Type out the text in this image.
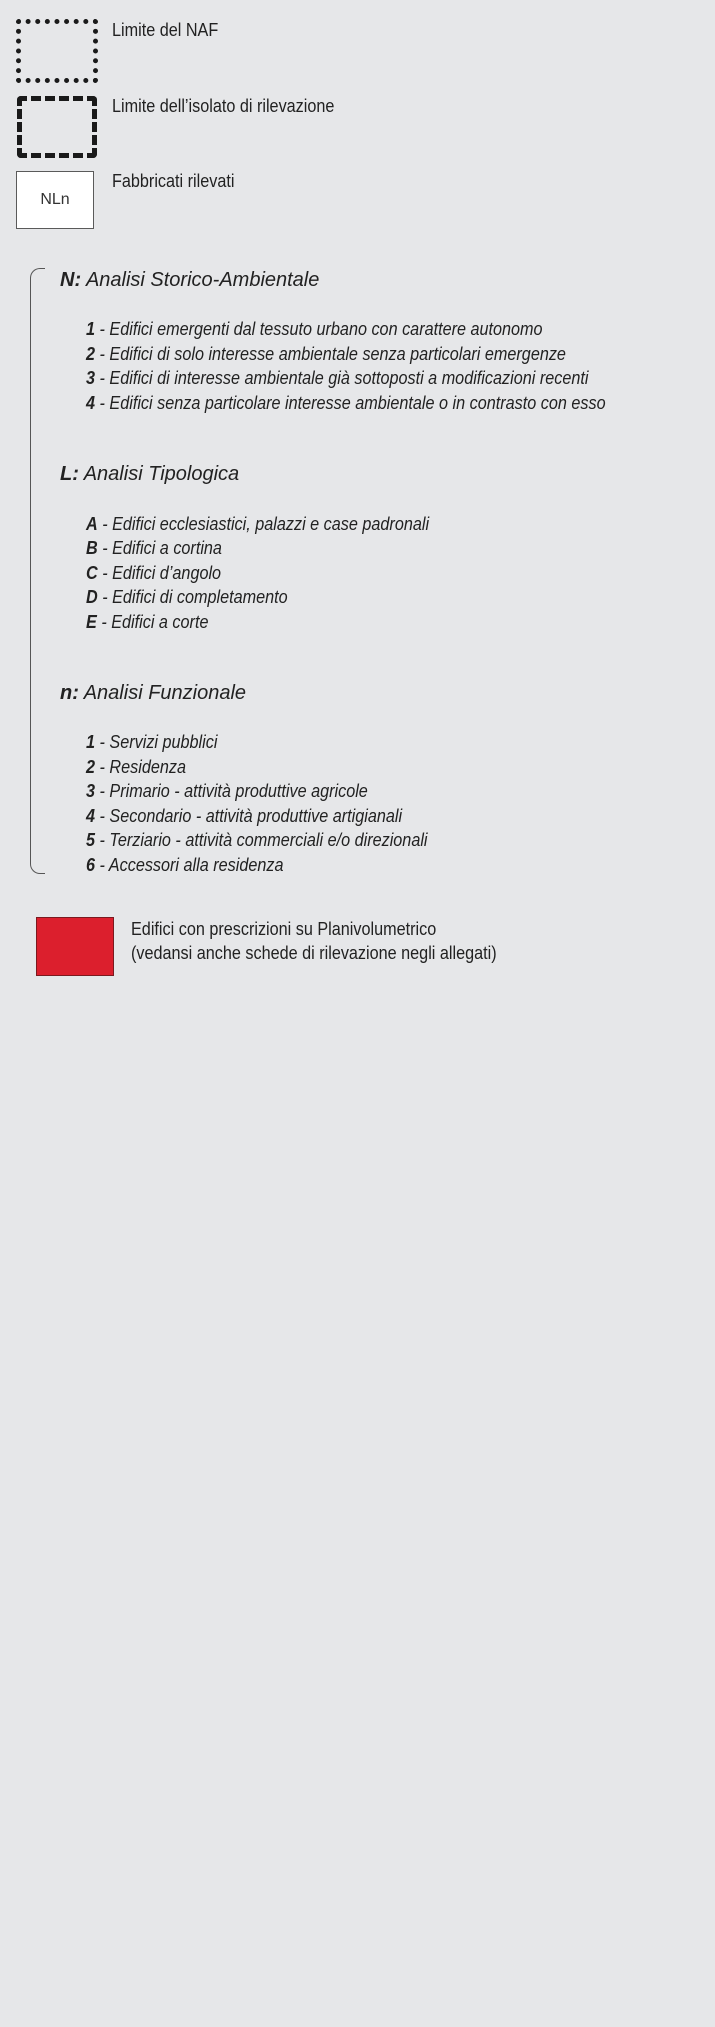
Limite del NAF
Limite dell’isolato di rilevazione
NLn
Fabbricati rilevati
N: Analisi Storico-Ambientale
1 - Edifici emergenti dal tessuto urbano con carattere autonomo
2 - Edifici di solo interesse ambientale senza particolari emergenze
3 - Edifici di interesse ambientale già sottoposti a modificazioni recenti
4 - Edifici senza particolare interesse ambientale o in contrasto con esso
L: Analisi Tipologica
A - Edifici ecclesiastici, palazzi e case padronali
B - Edifici a cortina
C - Edifici d’angolo
D - Edifici di completamento
E - Edifici a corte
n: Analisi Funzionale
1 - Servizi pubblici
2 - Residenza
3 - Primario - attività produttive agricole
4 - Secondario - attività produttive artigianali
5 - Terziario - attività commerciali e/o direzionali
6 - Accessori alla residenza
Edifici con prescrizioni su Planivolumetrico
(vedansi anche schede di rilevazione negli allegati)
